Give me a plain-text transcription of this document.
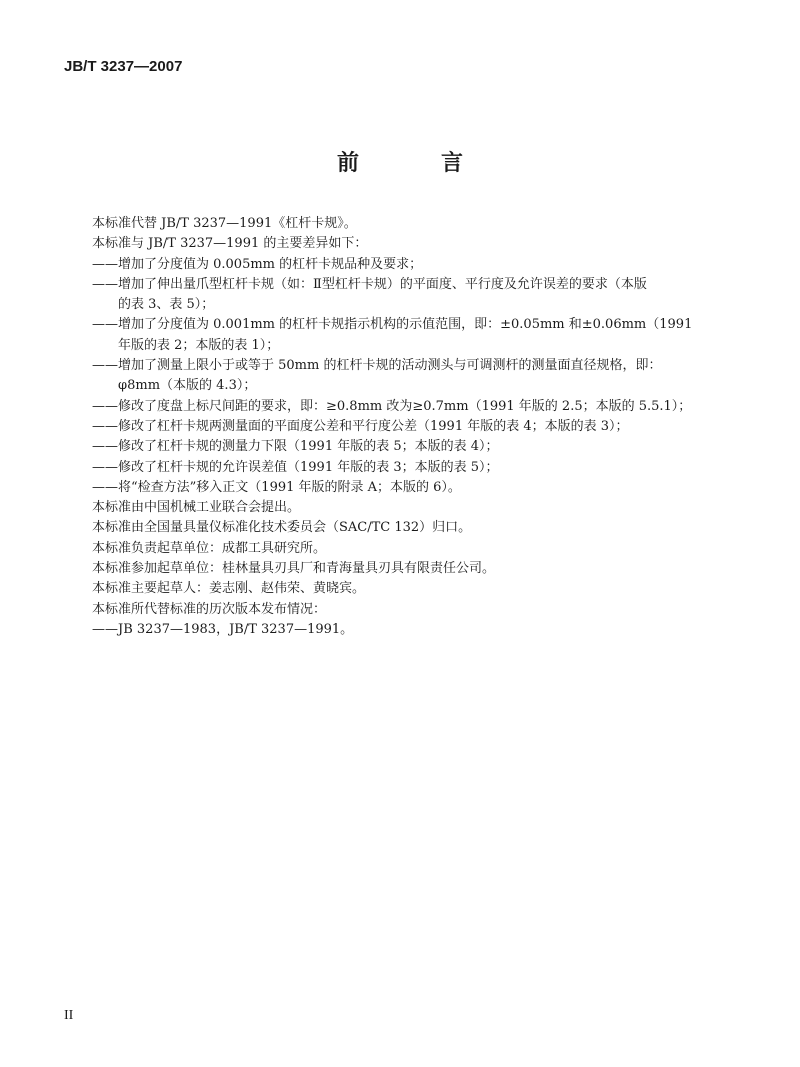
JB/T 3237—2007
前　言
本标准代替 JB/T 3237—1991《杠杆卡规》。
本标准与 JB/T 3237—1991 的主要差异如下：
——增加了分度值为 0.005mm 的杠杆卡规品种及要求；
——增加了伸出量爪型杠杆卡规（如：Ⅱ型杠杆卡规）的平面度、平行度及允许误差的要求（本版
的表 3、表 5）；
——增加了分度值为 0.001mm 的杠杆卡规指示机构的示值范围，即：±0.05mm 和±0.06mm（1991
年版的表 2；本版的表 1）；
——增加了测量上限小于或等于 50mm 的杠杆卡规的活动测头与可调测杆的测量面直径规格，即：
φ8mm（本版的 4.3）；
——修改了度盘上标尺间距的要求，即：≥0.8mm 改为≥0.7mm（1991 年版的 2.5；本版的 5.5.1）；
——修改了杠杆卡规两测量面的平面度公差和平行度公差（1991 年版的表 4；本版的表 3）；
——修改了杠杆卡规的测量力下限（1991 年版的表 5；本版的表 4）；
——修改了杠杆卡规的允许误差值（1991 年版的表 3；本版的表 5）；
——将“检查方法”移入正文（1991 年版的附录 A；本版的 6）。
本标准由中国机械工业联合会提出。
本标准由全国量具量仪标准化技术委员会（SAC/TC 132）归口。
本标准负责起草单位：成都工具研究所。
本标准参加起草单位：桂林量具刃具厂和青海量具刃具有限责任公司。
本标准主要起草人：姜志刚、赵伟荣、黄晓宾。
本标准所代替标准的历次版本发布情况：
——JB 3237—1983，JB/T 3237—1991。
II
